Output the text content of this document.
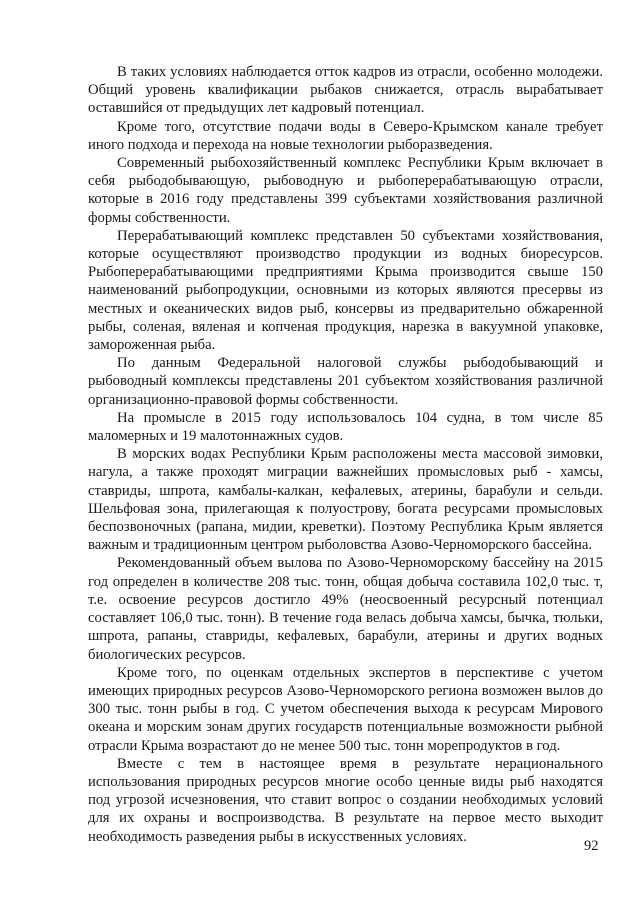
В таких условиях наблюдается отток кадров из отрасли, особенно молодежи. Общий уровень квалификации рыбаков снижается, отрасль вырабатывает оставшийся от предыдущих лет кадровый потенциал.

Кроме того, отсутствие подачи воды в Северо-Крымском канале требует иного подхода и перехода на новые технологии рыборазведения.

Современный рыбохозяйственный комплекс Республики Крым включает в себя рыбодобывающую, рыбоводную и рыбоперерабатывающую отрасли, которые в 2016 году представлены 399 субъектами хозяйствования различной формы собственности.

Перерабатывающий комплекс представлен 50 субъектами хозяйствования, которые осуществляют производство продукции из водных биоресурсов. Рыбоперерабатывающими предприятиями Крыма производится свыше 150 наименований рыбопродукции, основными из которых являются пресервы из местных и океанических видов рыб, консервы из предварительно обжаренной рыбы, соленая, вяленая и копченая продукция, нарезка в вакуумной упаковке, замороженная рыба.

По данным Федеральной налоговой службы рыбодобывающий и рыбоводный комплексы представлены 201 субъектом хозяйствования различной организационно-правовой формы собственности.

На промысле в 2015 году использовалось 104 судна, в том числе 85 маломерных и 19 малотоннажных судов.

В морских водах Республики Крым расположены места массовой зимовки, нагула, а также проходят миграции важнейших промысловых рыб - хамсы, ставриды, шпрота, камбалы-калкан, кефалевых, атерины, барабули и сельди. Шельфовая зона, прилегающая к полуострову, богата ресурсами промысловых беспозвоночных (рапана, мидии, креветки). Поэтому Республика Крым является важным и традиционным центром рыболовства Азово-Черноморского бассейна.

Рекомендованный объем вылова по Азово-Черноморскому бассейну на 2015 год определен в количестве 208 тыс. тонн, общая добыча составила 102,0 тыс. т, т.е. освоение ресурсов достигло 49% (неосвоенный ресурсный потенциал составляет 106,0 тыс. тонн). В течение года велась добыча хамсы, бычка, тюльки, шпрота, рапаны, ставриды, кефалевых, барабули, атерины и других водных биологических ресурсов.

Кроме того, по оценкам отдельных экспертов в перспективе с учетом имеющих природных ресурсов Азово-Черноморского региона возможен вылов до 300 тыс. тонн рыбы в год. С учетом обеспечения выхода к ресурсам Мирового океана и морским зонам других государств потенциальные возможности рыбной отрасли Крыма возрастают до не менее 500 тыс. тонн морепродуктов в год.

Вместе с тем в настоящее время в результате нерационального использования природных ресурсов многие особо ценные виды рыб находятся под угрозой исчезновения, что ставит вопрос о создании необходимых условий для их охраны и воспроизводства. В результате на первое место выходит необходимость разведения рыбы в искусственных условиях.

92
